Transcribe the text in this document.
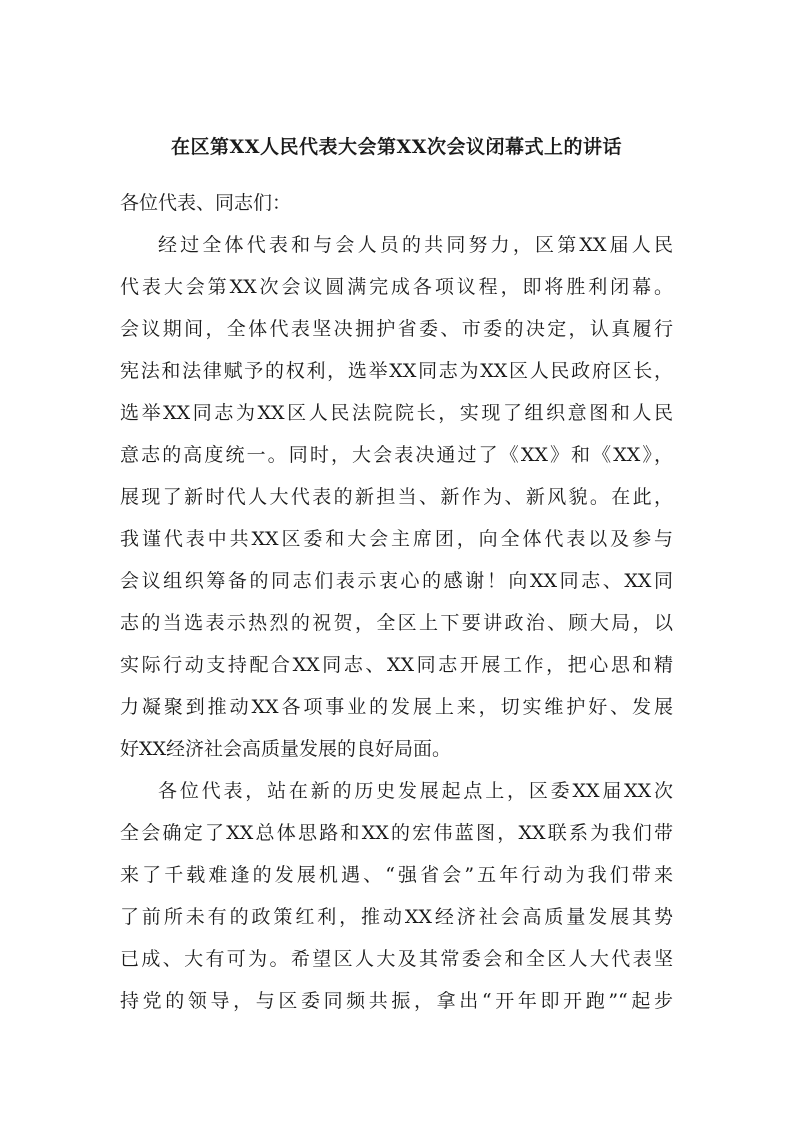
在区第XX人民代表大会第XX次会议闭幕式上的讲话
各位代表、同志们：
经过全体代表和与会人员的共同努力，区第XX届人民
代表大会第XX次会议圆满完成各项议程，即将胜利闭幕。
会议期间，全体代表坚决拥护省委、市委的决定，认真履行
宪法和法律赋予的权利，选举XX同志为XX区人民政府区长，
选举XX同志为XX区人民法院院长，实现了组织意图和人民
意志的高度统一。同时，大会表决通过了《XX》和《XX》，
展现了新时代人大代表的新担当、新作为、新风貌。在此，
我谨代表中共XX区委和大会主席团，向全体代表以及参与
会议组织筹备的同志们表示衷心的感谢！向XX同志、XX同
志的当选表示热烈的祝贺，全区上下要讲政治、顾大局，以
实际行动支持配合XX同志、XX同志开展工作，把心思和精
力凝聚到推动XX各项事业的发展上来，切实维护好、发展
好XX经济社会高质量发展的良好局面。
各位代表，站在新的历史发展起点上，区委XX届XX次
全会确定了XX总体思路和XX的宏伟蓝图，XX联系为我们带
来了千载难逢的发展机遇、“强省会”五年行动为我们带来
了前所未有的政策红利，推动XX经济社会高质量发展其势
已成、大有可为。希望区人大及其常委会和全区人大代表坚
持党的领导，与区委同频共振，拿出“开年即开跑”“起步
